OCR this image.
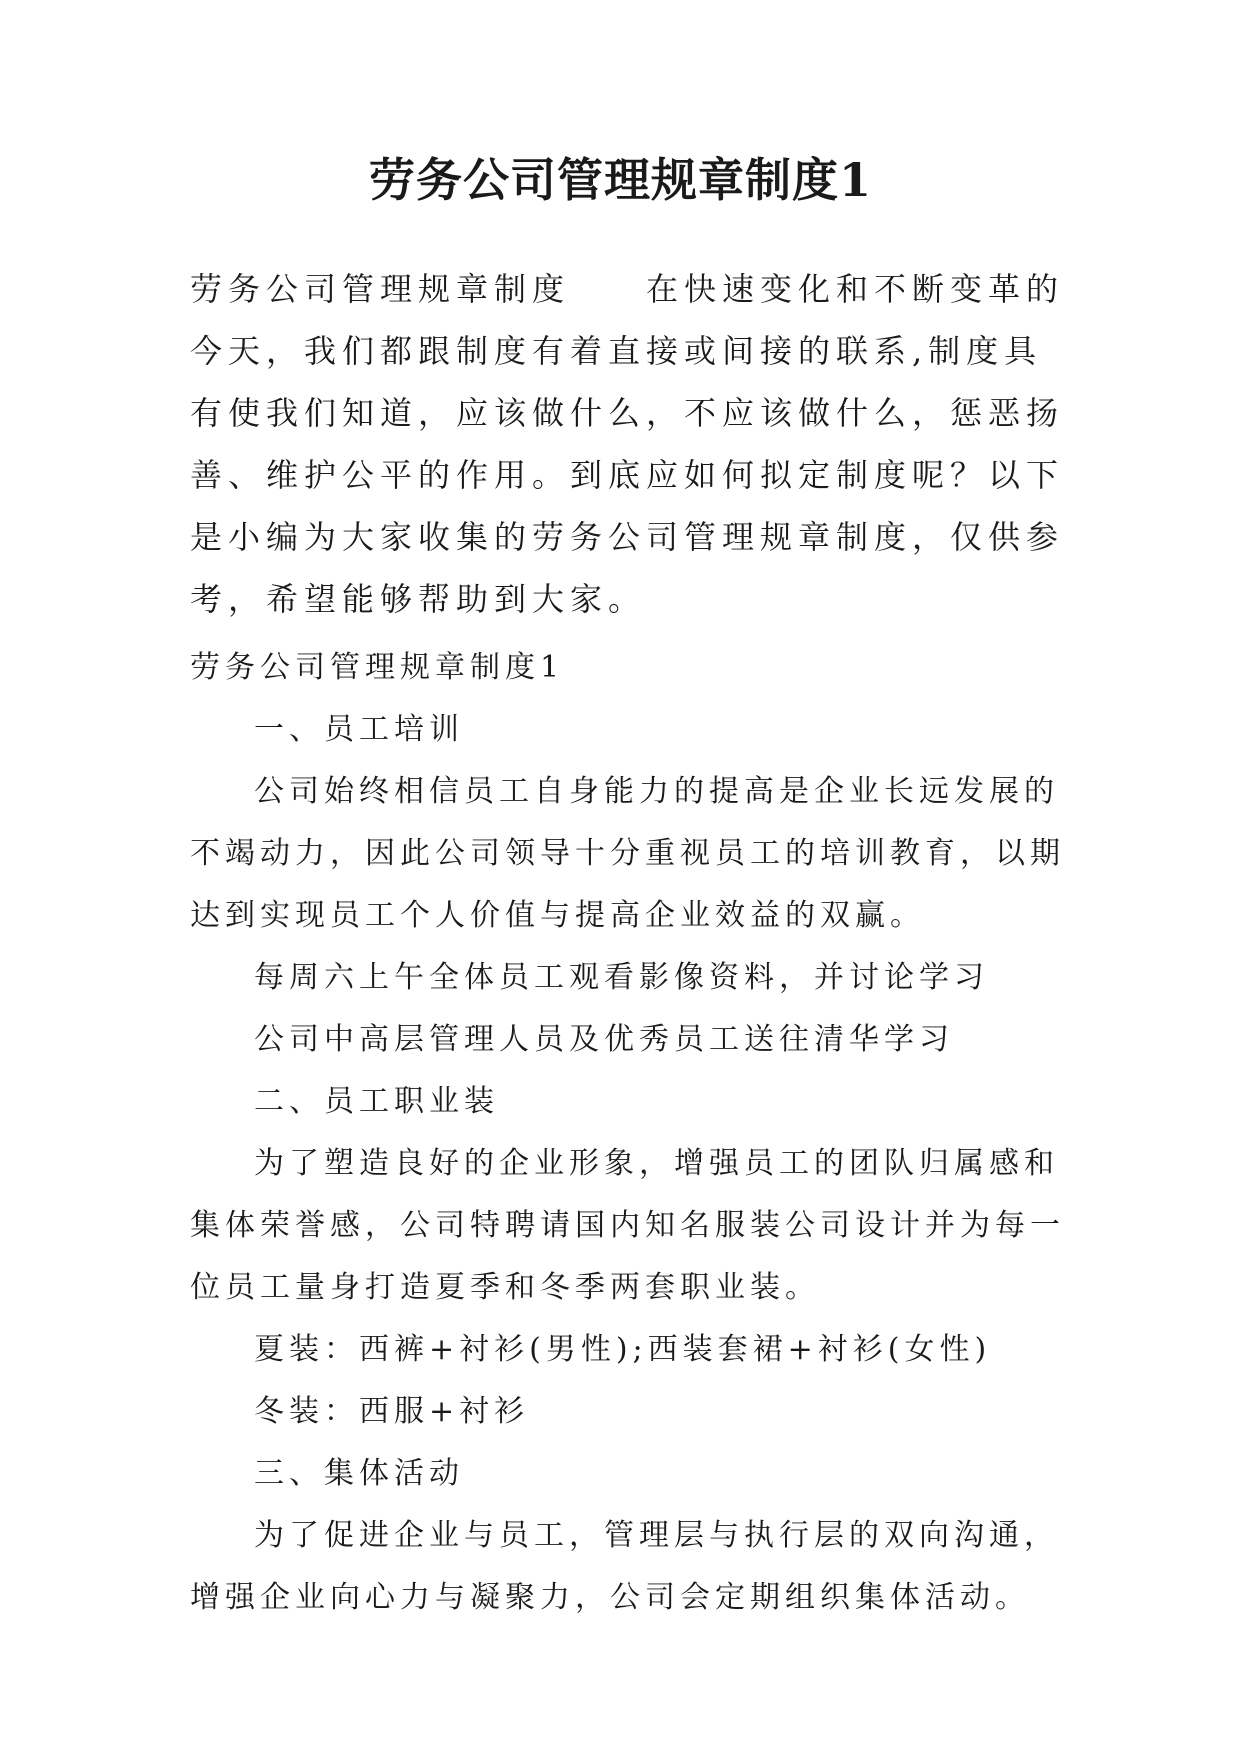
劳务公司管理规章制度1
劳务公司管理规章制度 在快速变化和不断变革的今天，我们都跟制度有着直接或间接的联系,制度具有使我们知道，应该做什么，不应该做什么，惩恶扬善、维护公平的作用。到底应如何拟定制度呢？以下是小编为大家收集的劳务公司管理规章制度，仅供参考，希望能够帮助到大家。

劳务公司管理规章制度1

一、员工培训

公司始终相信员工自身能力的提高是企业长远发展的不竭动力，因此公司领导十分重视员工的培训教育，以期达到实现员工个人价值与提高企业效益的双赢。

每周六上午全体员工观看影像资料，并讨论学习

公司中高层管理人员及优秀员工送往清华学习

二、员工职业装

为了塑造良好的企业形象，增强员工的团队归属感和集体荣誉感，公司特聘请国内知名服装公司设计并为每一位员工量身打造夏季和冬季两套职业装。

夏装：西裤+衬衫(男性);西装套裙+衬衫(女性)

冬装：西服+衬衫

三、集体活动

为了促进企业与员工，管理层与执行层的双向沟通，增强企业向心力与凝聚力，公司会定期组织集体活动。
